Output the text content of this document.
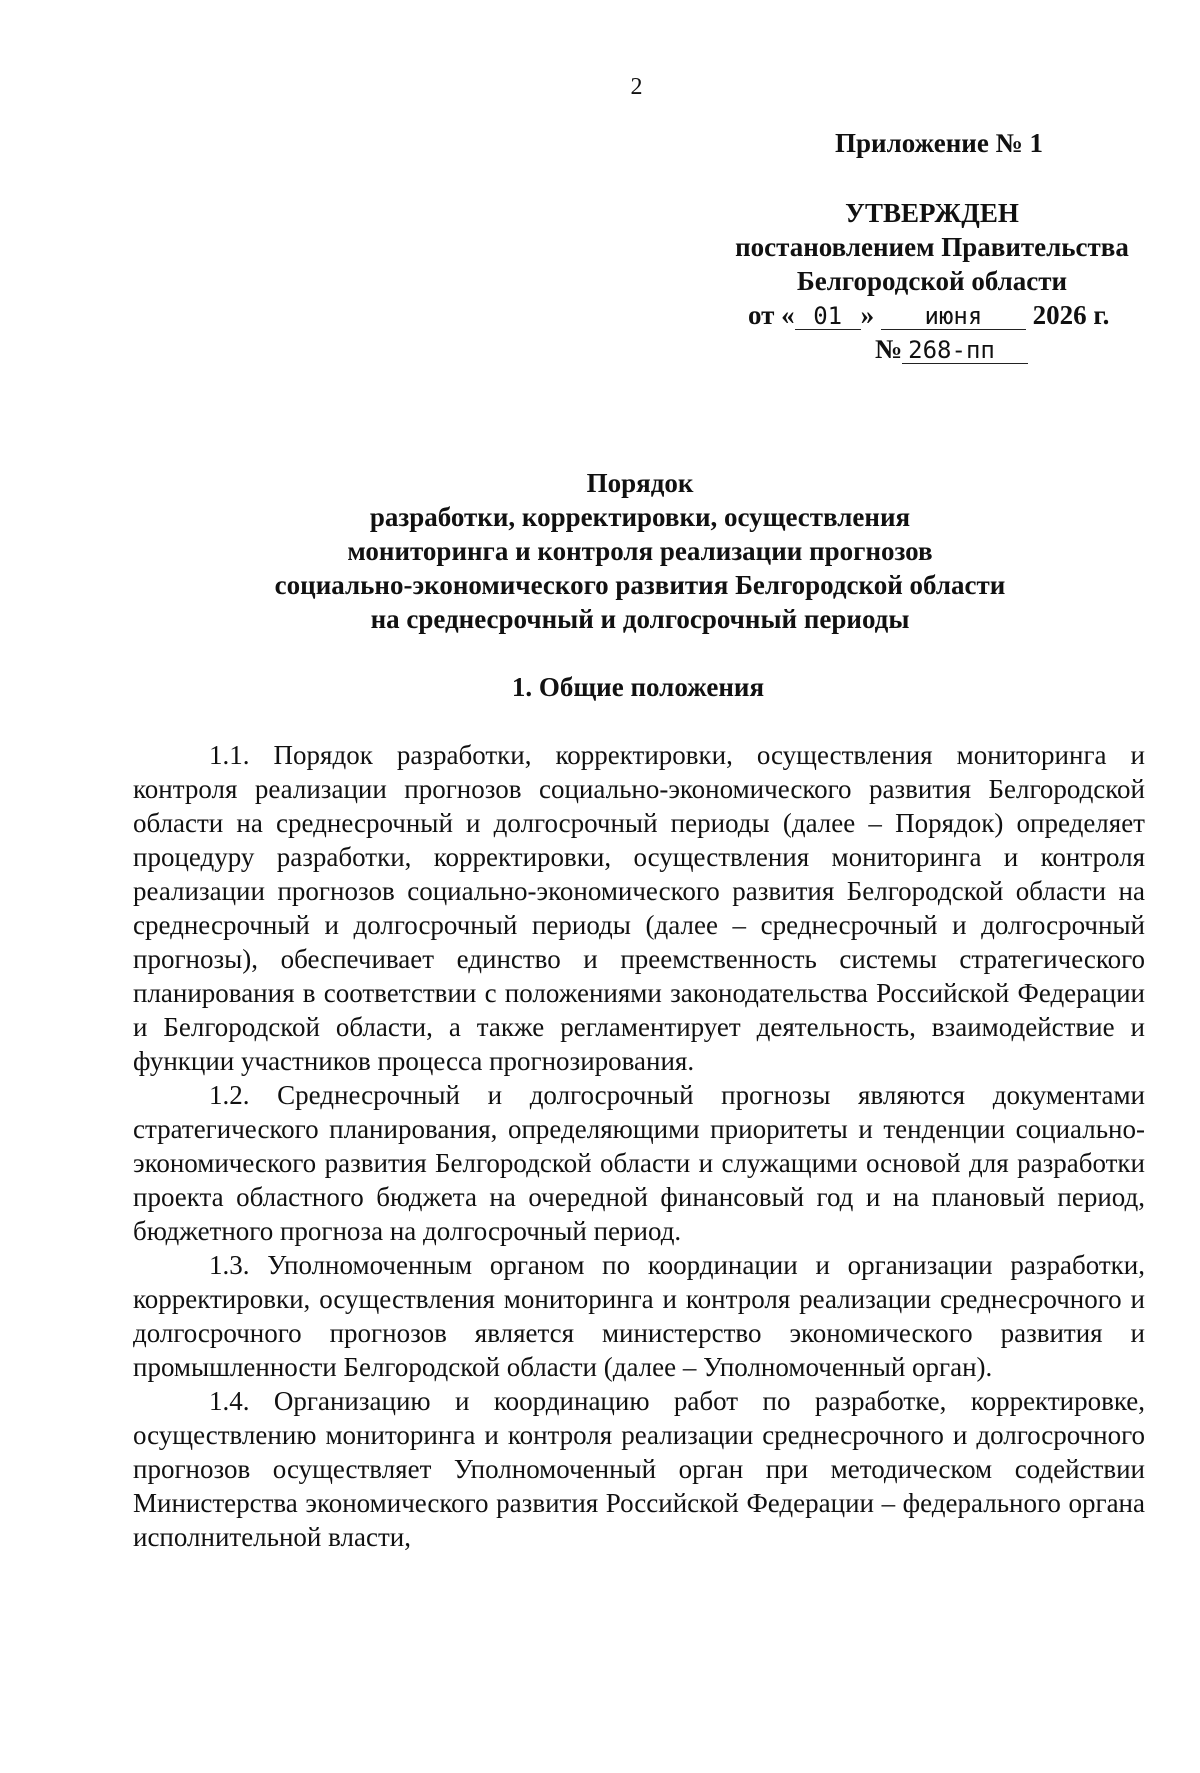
2
Приложение № 1
УТВЕРЖДЕН
постановлением Правительства
Белгородской области
от « 01 » июня 2026 г.
№ 268-пп
Порядок
разработки, корректировки, осуществления
мониторинга и контроля реализации прогнозов
социально-экономического развития Белгородской области
на среднесрочный и долгосрочный периоды
1. Общие положения

1.1. Порядок разработки, корректировки, осуществления мониторинга и контроля реализации прогнозов социально-экономического развития Белгородской области на среднесрочный и долгосрочный периоды (далее – Порядок) определяет процедуру разработки, корректировки, осуществления мониторинга и контроля реализации прогнозов социально-экономического развития Белгородской области на среднесрочный и долгосрочный периоды (далее – среднесрочный и долгосрочный прогнозы), обеспечивает единство и преемственность системы стратегического планирования в соответствии с положениями законодательства Российской Федерации и Белгородской области, а также регламентирует деятельность, взаимодействие и функции участников процесса прогнозирования.

1.2. Среднесрочный и долгосрочный прогнозы являются документами стратегического планирования, определяющими приоритеты и тенденции социально-экономического развития Белгородской области и служащими основой для разработки проекта областного бюджета на очередной финансовый год и на плановый период, бюджетного прогноза на долгосрочный период.

1.3. Уполномоченным органом по координации и организации разработки, корректировки, осуществления мониторинга и контроля реализации среднесрочного и долгосрочного прогнозов является министерство экономического развития и промышленности Белгородской области (далее – Уполномоченный орган).

1.4. Организацию и координацию работ по разработке, корректировке, осуществлению мониторинга и контроля реализации среднесрочного и долгосрочного прогнозов осуществляет Уполномоченный орган при методическом содействии Министерства экономического развития Российской Федерации – федерального органа исполнительной власти,
